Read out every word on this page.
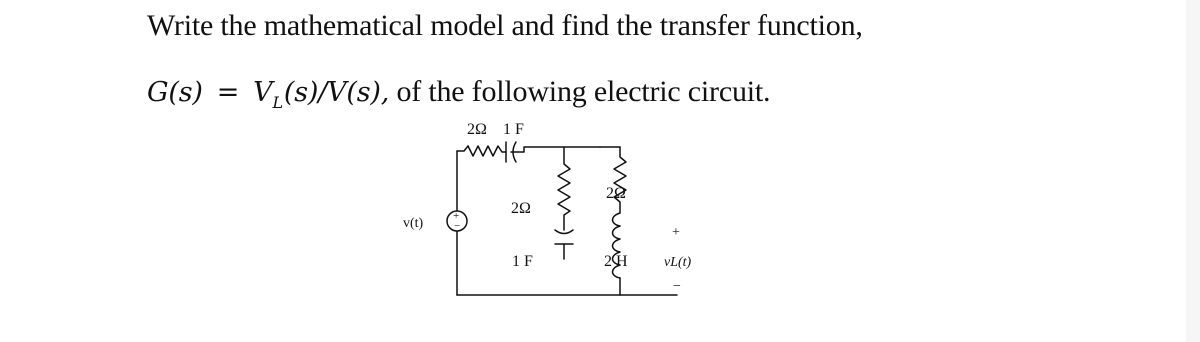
Write the mathematical model and find the transfer function,
$G(s) = V_L(s)/V(s)$, of the following electric circuit.
+
−
v(t)
2Ω 1 F
2Ω
1 F
2Ω
2 H
+
vL(t)
−
